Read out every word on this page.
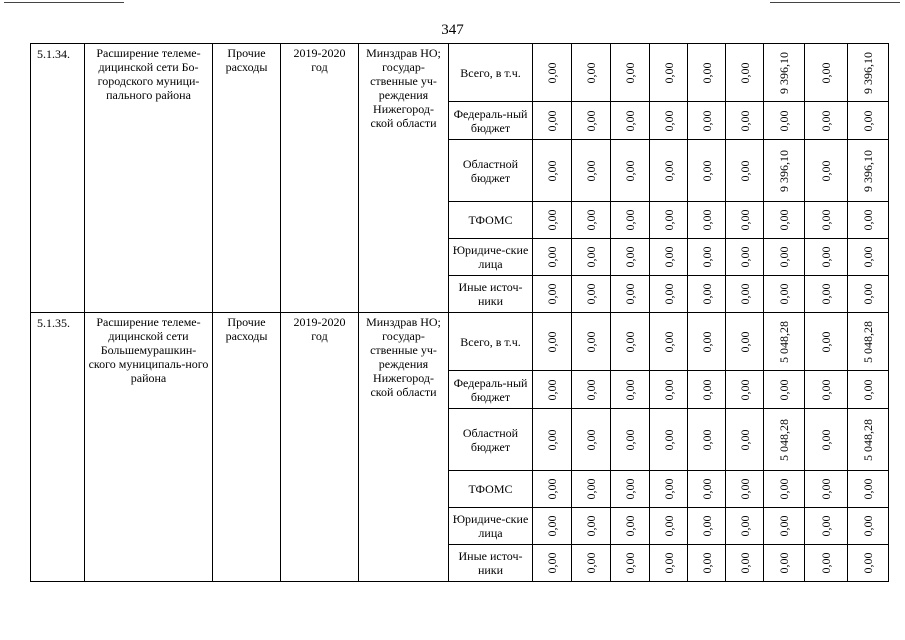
347
5.1.34.	Расширение телеме-дицинской сети Бо-городского муници-пального района	Прочие расходы	2019-2020 год	Минздрав НО; государ-ственные уч-реждения Нижегород-ской области	Всего, в т.ч.	0,00	0,00	0,00	0,00	0,00	0,00	9 396,10	0,00	9 396,10

					Федераль-ный бюджет	0,00	0,00	0,00	0,00	0,00	0,00	0,00	0,00	0,00

					Областной бюджет	0,00	0,00	0,00	0,00	0,00	0,00	9 396,10	0,00	9 396,10

					ТФОМС	0,00	0,00	0,00	0,00	0,00	0,00	0,00	0,00	0,00

					Юридиче-ские лица	0,00	0,00	0,00	0,00	0,00	0,00	0,00	0,00	0,00

					Иные источ-ники	0,00	0,00	0,00	0,00	0,00	0,00	0,00	0,00	0,00

5.1.35.	Расширение телеме-дицинской сети Большемурашкин-ского муниципаль-ного района	Прочие расходы	2019-2020 год	Минздрав НО; государ-ственные уч-реждения Нижегород-ской области	Всего, в т.ч.	0,00	0,00	0,00	0,00	0,00	0,00	5 048,28	0,00	5 048,28

					Федераль-ный бюджет	0,00	0,00	0,00	0,00	0,00	0,00	0,00	0,00	0,00

					Областной бюджет	0,00	0,00	0,00	0,00	0,00	0,00	5 048,28	0,00	5 048,28

					ТФОМС	0,00	0,00	0,00	0,00	0,00	0,00	0,00	0,00	0,00

					Юридиче-ские лица	0,00	0,00	0,00	0,00	0,00	0,00	0,00	0,00	0,00

					Иные источ-ники	0,00	0,00	0,00	0,00	0,00	0,00	0,00	0,00	0,00
